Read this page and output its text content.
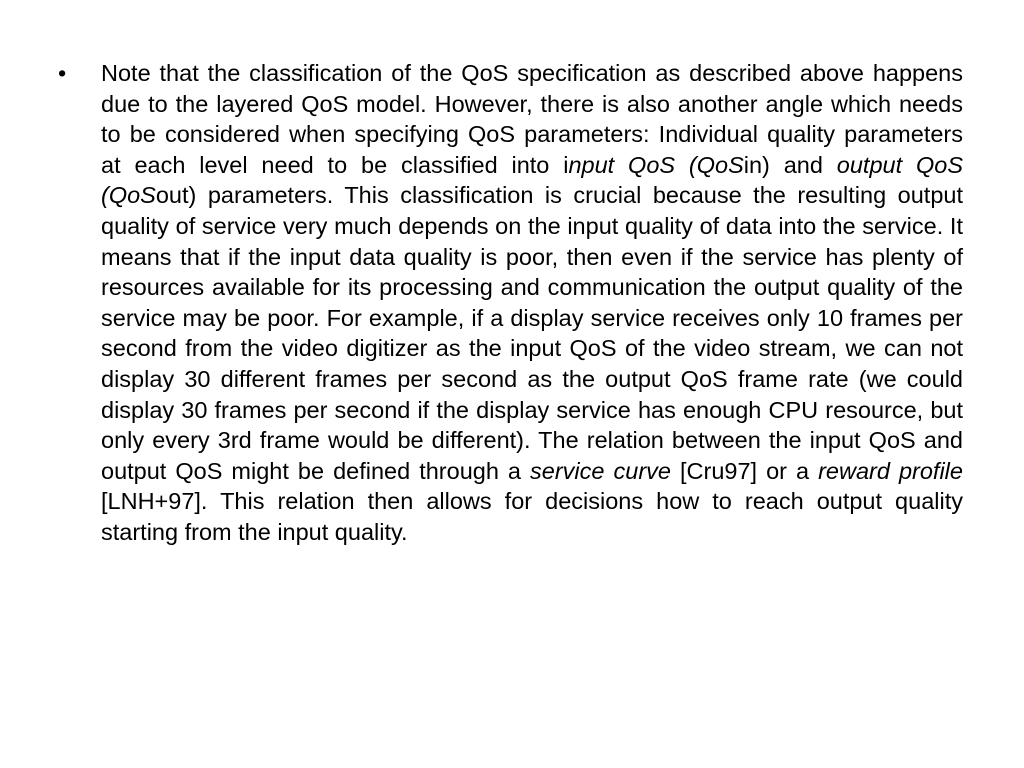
• Note that the classification of the QoS specification as described above happens due to the layered QoS model. However, there is also another angle which needs to be considered when specifying QoS parameters: Individual quality parameters at each level need to be classified into input QoS (QoSin) and output QoS (QoSout) parameters. This classification is crucial because the resulting output quality of service very much depends on the input quality of data into the service. It means that if the input data quality is poor, then even if the service has plenty of resources available for its processing and communication the output quality of the service may be poor. For example, if a display service receives only 10 frames per second from the video digitizer as the input QoS of the video stream, we can not display 30 different frames per second as the output QoS frame rate (we could display 30 frames per second if the display service has enough CPU resource, but only every 3rd frame would be different). The relation between the input QoS and output QoS might be defined through a service curve [Cru97] or a reward profile [LNH+97]. This relation then allows for decisions how to reach output quality starting from the input quality.
